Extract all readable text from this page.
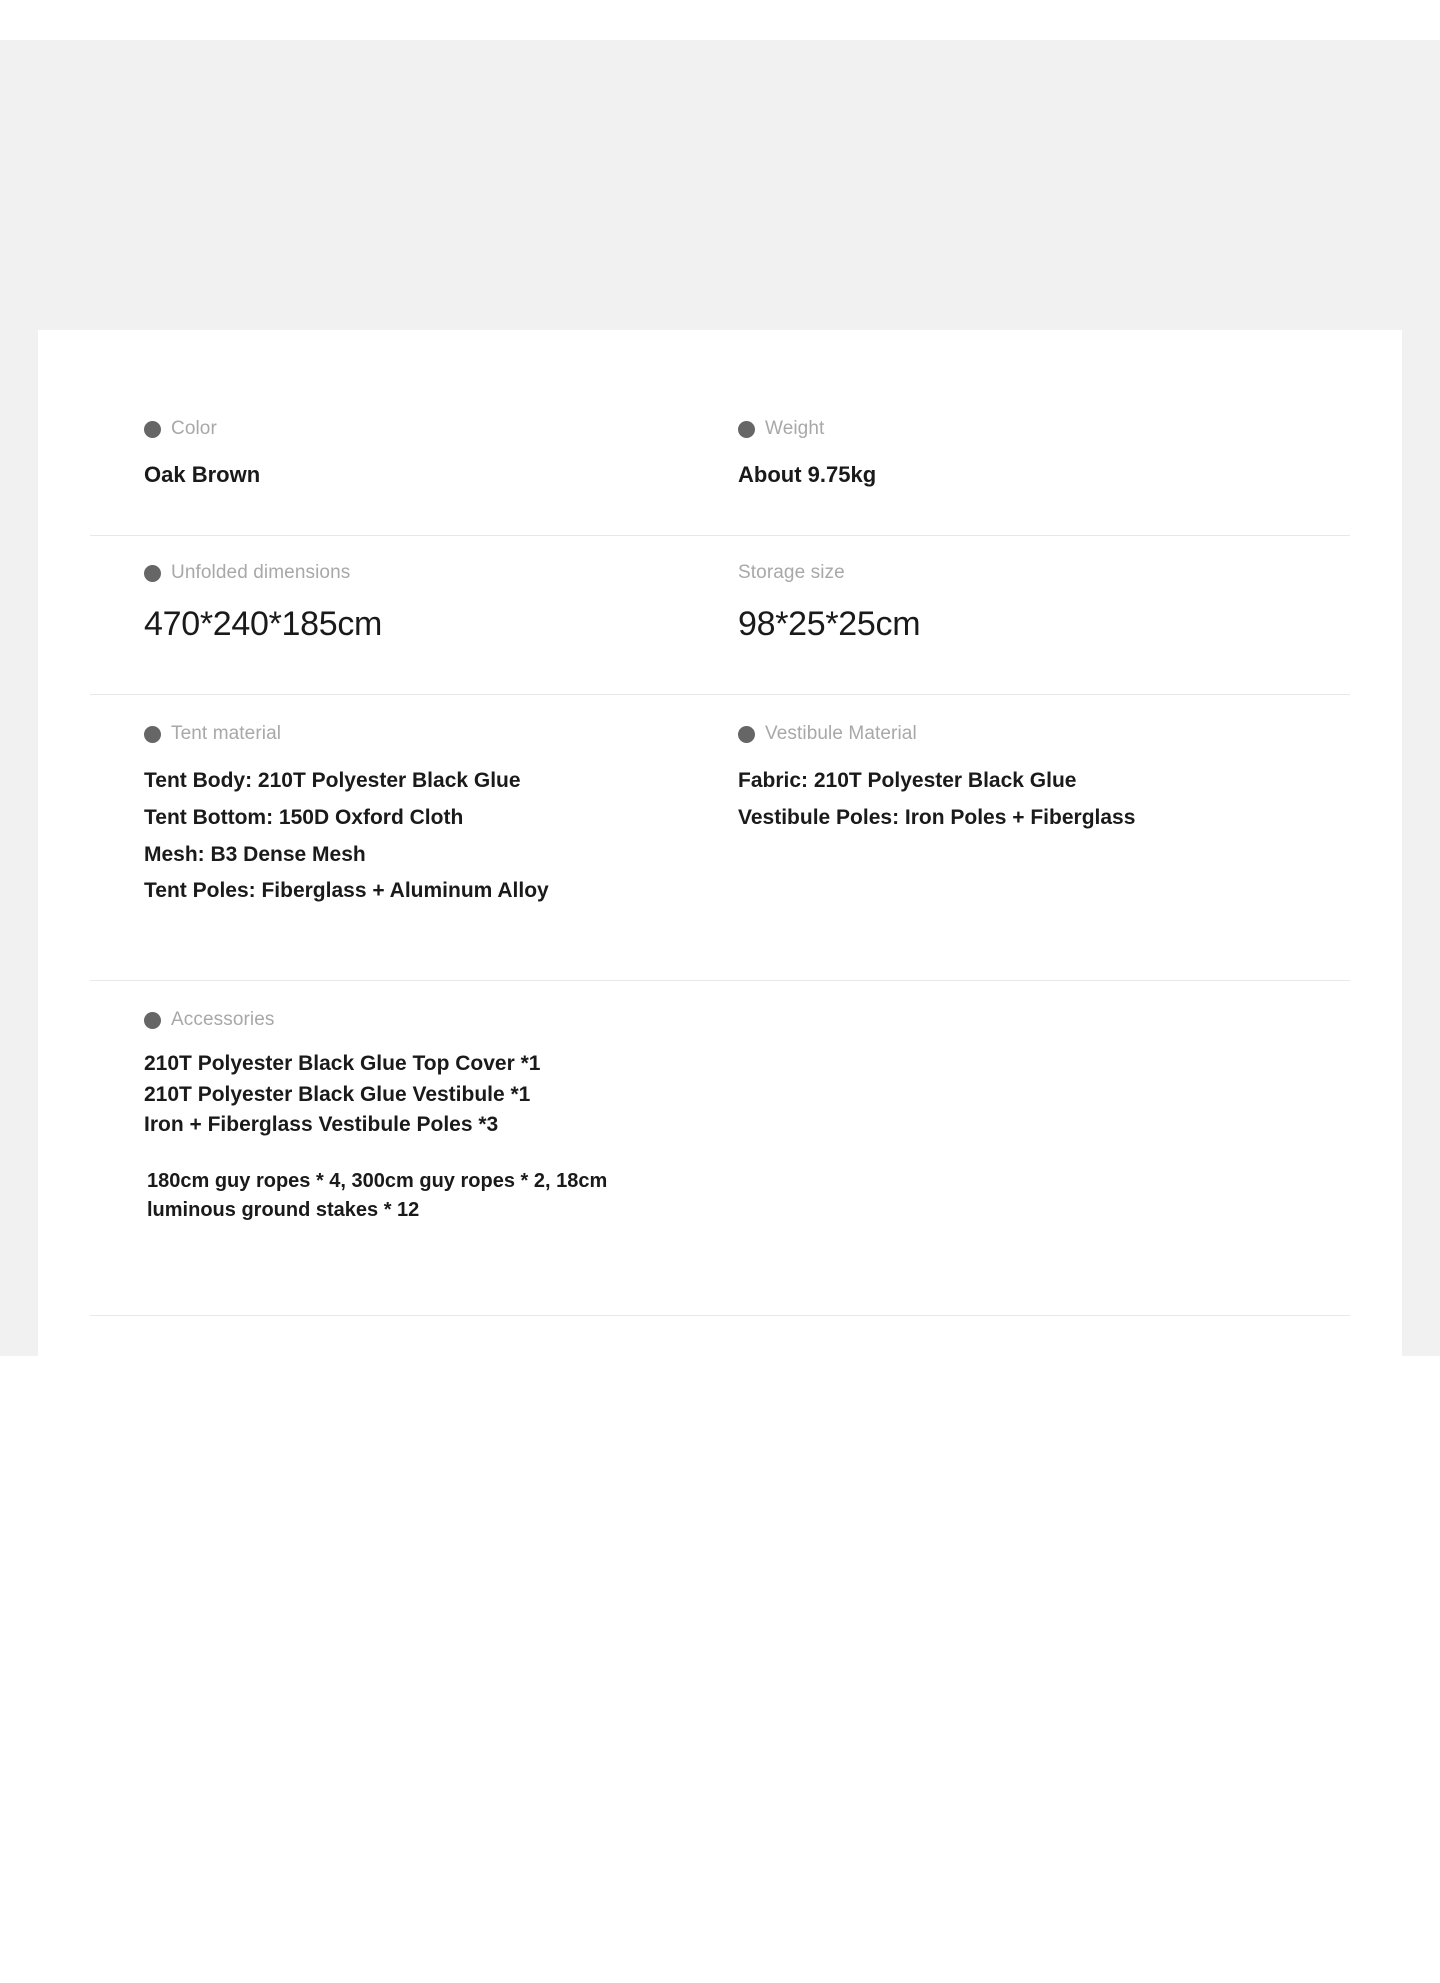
Color
Oak Brown
Weight
About 9.75kg
Unfolded dimensions
470*240*185cm
Storage size
98*25*25cm
Tent material
Tent Body: 210T Polyester Black Glue
Tent Bottom: 150D Oxford Cloth
Mesh: B3 Dense Mesh
Tent Poles: Fiberglass + Aluminum Alloy
Vestibule Material
Fabric: 210T Polyester Black Glue
Vestibule Poles: Iron Poles + Fiberglass
Accessories
210T Polyester Black Glue Top Cover *1 210T Polyester Black Glue Vestibule *1 Iron + Fiberglass Vestibule Poles *3
180cm guy ropes * 4, 300cm guy ropes * 2, 18cm luminous ground stakes * 12
